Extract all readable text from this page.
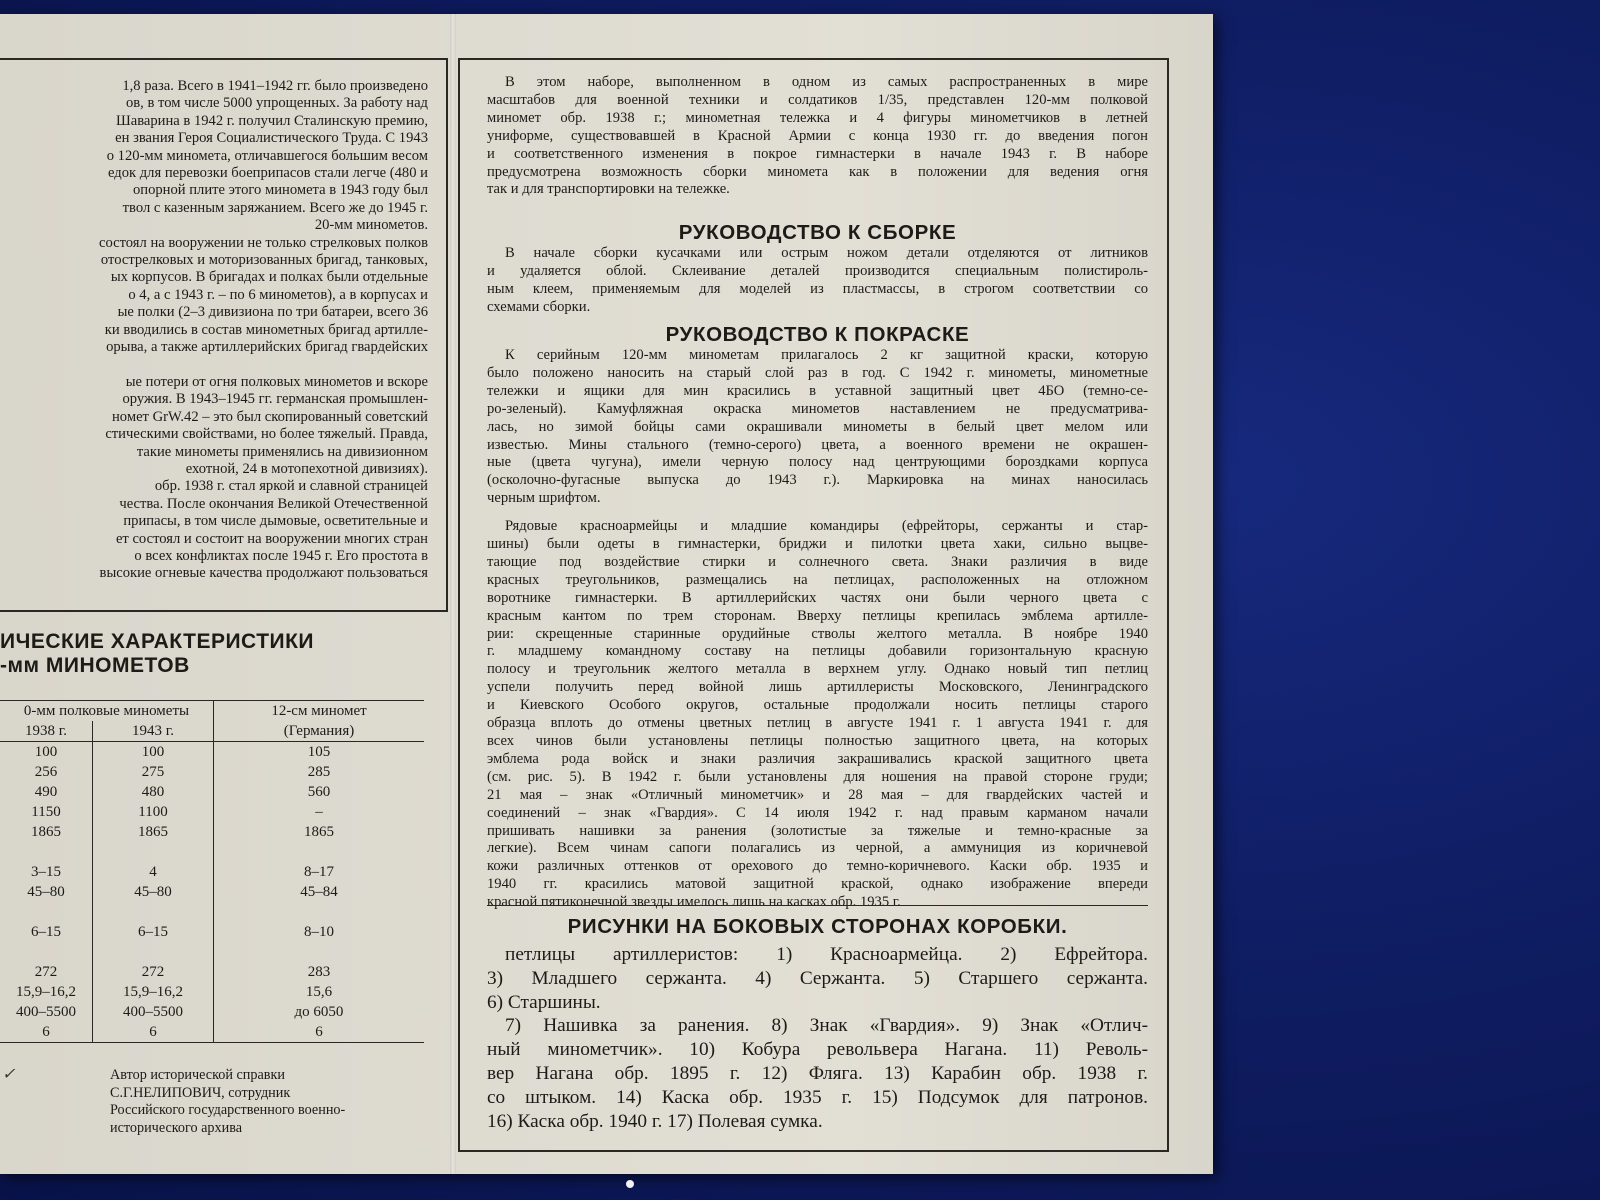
1,8 раза. Всего в 1941–1942 гг. было произведено

ов, в том числе 5000 упрощенных. За работу над

Шаварина в 1942 г. получил Сталинскую премию,

ен звания Героя Социалистического Труда. С 1943

о 120-мм миномета, отличавшегося большим весом

едок для перевозки боеприпасов стали легче (480 и

опорной плите этого миномета в 1943 году был

твол с казенным заряжанием. Всего же до 1945 г.

20-мм минометов.

состоял на вооружении не только стрелковых полков

отострелковых и моторизованных бригад, танковых,

ых корпусов. В бригадах и полках были отдельные

о 4, а с 1943 г. – по 6 минометов), а в корпусах и

ые полки (2–3 дивизиона по три батареи, всего 36

ки вводились в состав минометных бригад артилле-

орыва, а также артиллерийских бригад гвардейских

ые потери от огня полковых минометов и вскоре

оружия. В 1943–1945 гг. германская промышлен-

номет GrW.42 – это был скопированный советский

стическими свойствами, но более тяжелый. Правда,

такие минометы применялись на дивизионном

ехотной, 24 в мотопехотной дивизиях).

обр. 1938 г. стал яркой и славной страницей

чества. После окончания Великой Отечественной

припасы, в том числе дымовые, осветительные и

ет состоял и состоит на вооружении многих стран

о всех конфликтах после 1945 г. Его простота в

высокие огневые качества продолжают пользоваться

ИЧЕСКИЕ ХАРАКТЕРИСТИКИ
-мм МИНОМЕТОВ
0-мм полковые минометы		12-см миномет
1938 г.	1943 г.	(Германия)
100	100	105
256	275	285
490	480	560
1150	1100	–
1865	1865	1865

3–15	4	8–17
45–80	45–80	45–84

6–15	6–15	8–10

272	272	283
15,9–16,2	15,9–16,2	15,6
400–5500	400–5500	до 6050
6	6	6
✓	Автор исторической справки
С.Г.НЕЛИПОВИЧ, сотрудник
Российского государственного военно-
исторического архива

В этом наборе, выполненном в одном из самых распространенных в мире
масштабов для военной техники и солдатиков 1/35, представлен 120-мм полковой
миномет обр. 1938 г.; минометная тележка и 4 фигуры минометчиков в летней
униформе, существовавшей в Красной Армии с конца 1930 гг. до введения погон
и соответственного изменения в покрое гимнастерки в начале 1943 г. В наборе
предусмотрена возможность сборки миномета как в положении для ведения огня
так и для транспортировки на тележке.

РУКОВОДСТВО К СБОРКЕ

В начале сборки кусачками или острым ножом детали отделяются от литников
и удаляется облой. Склеивание деталей производится специальным полистироль-
ным клеем, применяемым для моделей из пластмассы, в строгом соответствии со
схемами сборки.

РУКОВОДСТВО К ПОКРАСКЕ

К серийным 120-мм минометам прилагалось 2 кг защитной краски, которую
было положено наносить на старый слой раз в год. С 1942 г. минометы, минометные
тележки и ящики для мин красились в уставной защитный цвет 4БО (темно-се-
ро-зеленый). Камуфляжная окраска минометов наставлением не предусматрива-
лась, но зимой бойцы сами окрашивали минометы в белый цвет мелом или
известью. Мины стального (темно-серого) цвета, а военного времени не окрашен-
ные (цвета чугуна), имели черную полосу над центрующими бороздками корпуса
(осколочно-фугасные выпуска до 1943 г.). Маркировка на минах наносилась
черным шрифтом.

Рядовые красноармейцы и младшие командиры (ефрейторы, сержанты и стар-
шины) были одеты в гимнастерки, бриджи и пилотки цвета хаки, сильно выцве-
тающие под воздействие стирки и солнечного света. Знаки различия в виде
красных треугольников, размещались на петлицах, расположенных на отложном
воротнике гимнастерки. В артиллерийских частях они были черного цвета с
красным кантом по трем сторонам. Вверху петлицы крепилась эмблема артилле-
рии: скрещенные старинные орудийные стволы желтого металла. В ноябре 1940
г. младшему командному составу на петлицы добавили горизонтальную красную
полосу и треугольник желтого металла в верхнем углу. Однако новый тип петлиц
успели получить перед войной лишь артиллеристы Московского, Ленинградского
и Киевского Особого округов, остальные продолжали носить петлицы старого
образца вплоть до отмены цветных петлиц в августе 1941 г. 1 августа 1941 г. для
всех чинов были установлены петлицы полностью защитного цвета, на которых
эмблема рода войск и знаки различия закрашивались краской защитного цвета
(см. рис. 5). В 1942 г. были установлены для ношения на правой стороне груди;
21 мая – знак «Отличный минометчик» и 28 мая – для гвардейских частей и
соединений – знак «Гвардия». С 14 июля 1942 г. над правым карманом начали
пришивать нашивки за ранения (золотистые за тяжелые и темно-красные за
легкие). Всем чинам сапоги полагались из черной, а аммуниция из коричневой
кожи различных оттенков от орехового до темно-коричневого. Каски обр. 1935 и
1940 гг. красились матовой защитной краской, однако изображение впереди
красной пятиконечной звезды имелось лишь на касках обр. 1935 г.

РИСУНКИ НА БОКОВЫХ СТОРОНАХ КОРОБКИ.
петлицы артиллеристов: 1) Красноармейца. 2) Ефрейтора.
3) Младшего сержанта. 4) Сержанта. 5) Старшего сержанта.
6) Старшины.
7) Нашивка за ранения. 8) Знак «Гвардия». 9) Знак «Отлич-
ный минометчик». 10) Кобура револьвера Нагана. 11) Револь-
вер Нагана обр. 1895 г. 12) Фляга. 13) Карабин обр. 1938 г.
со штыком. 14) Каска обр. 1935 г. 15) Подсумок для патронов.
16) Каска обр. 1940 г. 17) Полевая сумка.
